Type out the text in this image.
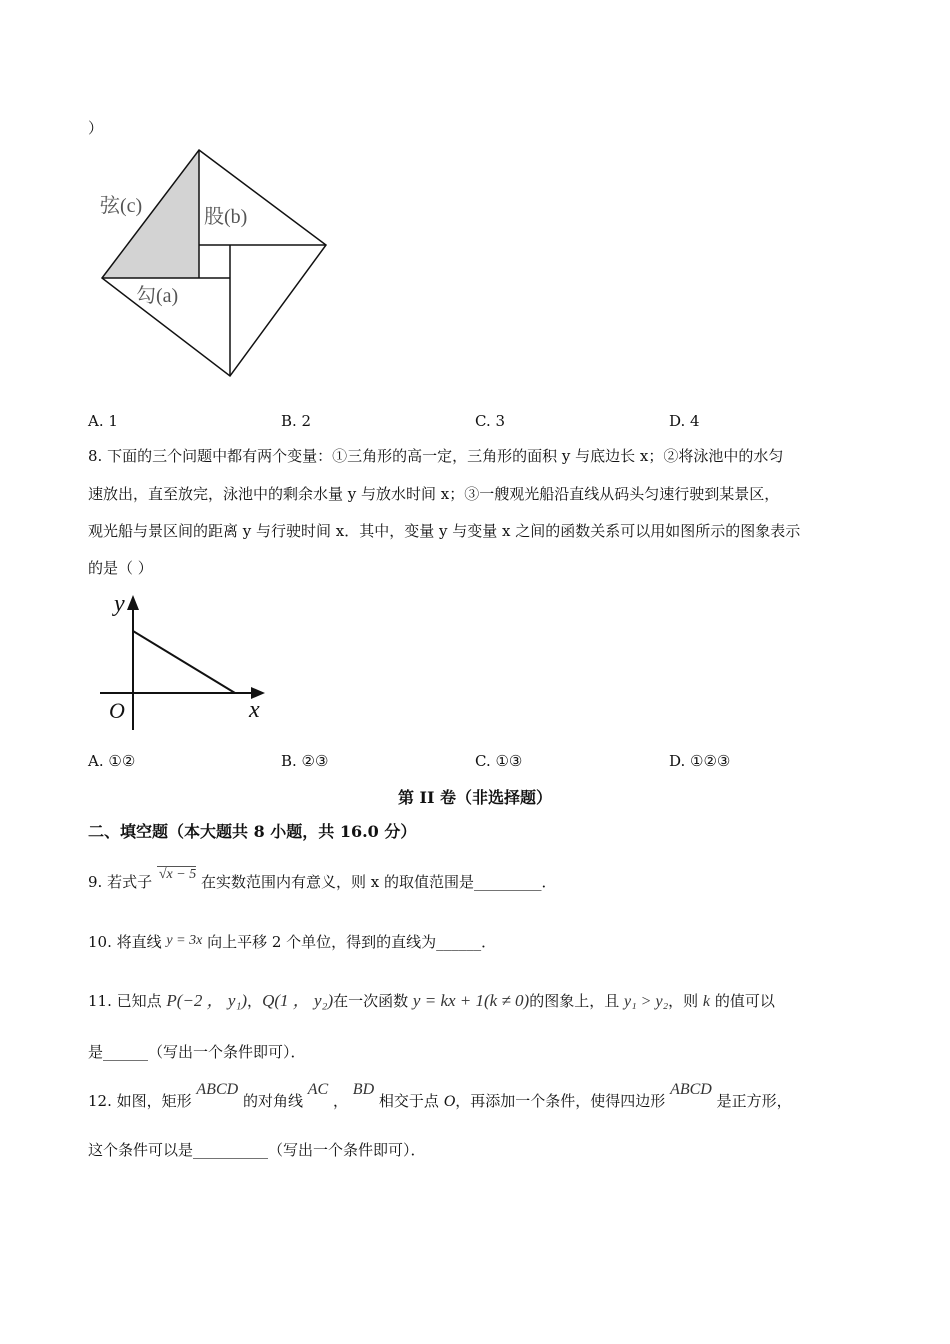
）
弦(c)	股(b)
勾(a)
A. 1	B. 2	C. 3	D. 4
8. 下面的三个问题中都有两个变量：①三角形的高一定，三角形的面积 y 与底边长 x；②将泳池中的水匀
速放出，直至放完，泳池中的剩余水量 y 与放水时间 x；③一艘观光船沿直线从码头匀速行驶到某景区，
观光船与景区间的距离 y 与行驶时间 x．其中，变量 y 与变量 x 之间的函数关系可以用如图所示的图象表示
的是（ ）
y
x
O
A. ①②	B. ②③	C. ①③	D. ①②③
第 II 卷（非选择题）
二、填空题（本大题共 8 小题，共 16.0 分）
9. 若式子 √x − 5 在实数范围内有意义，则 x 的取值范围是_________．
10. 将直线 y = 3x 向上平移 2 个单位，得到的直线为______．
11. 已知点 P(−2 ， y₁)，Q(1 ， y₂)在一次函数 y = kx + 1(k ≠ 0)的图象上，且 y₁ > y₂，则 k 的值可以
是______（写出一个条件即可）．
12. 如图，矩形 ABCD 的对角线 AC ， BD 相交于点 O，再添加一个条件，使得四边形 ABCD 是正方形，
这个条件可以是__________（写出一个条件即可）．
